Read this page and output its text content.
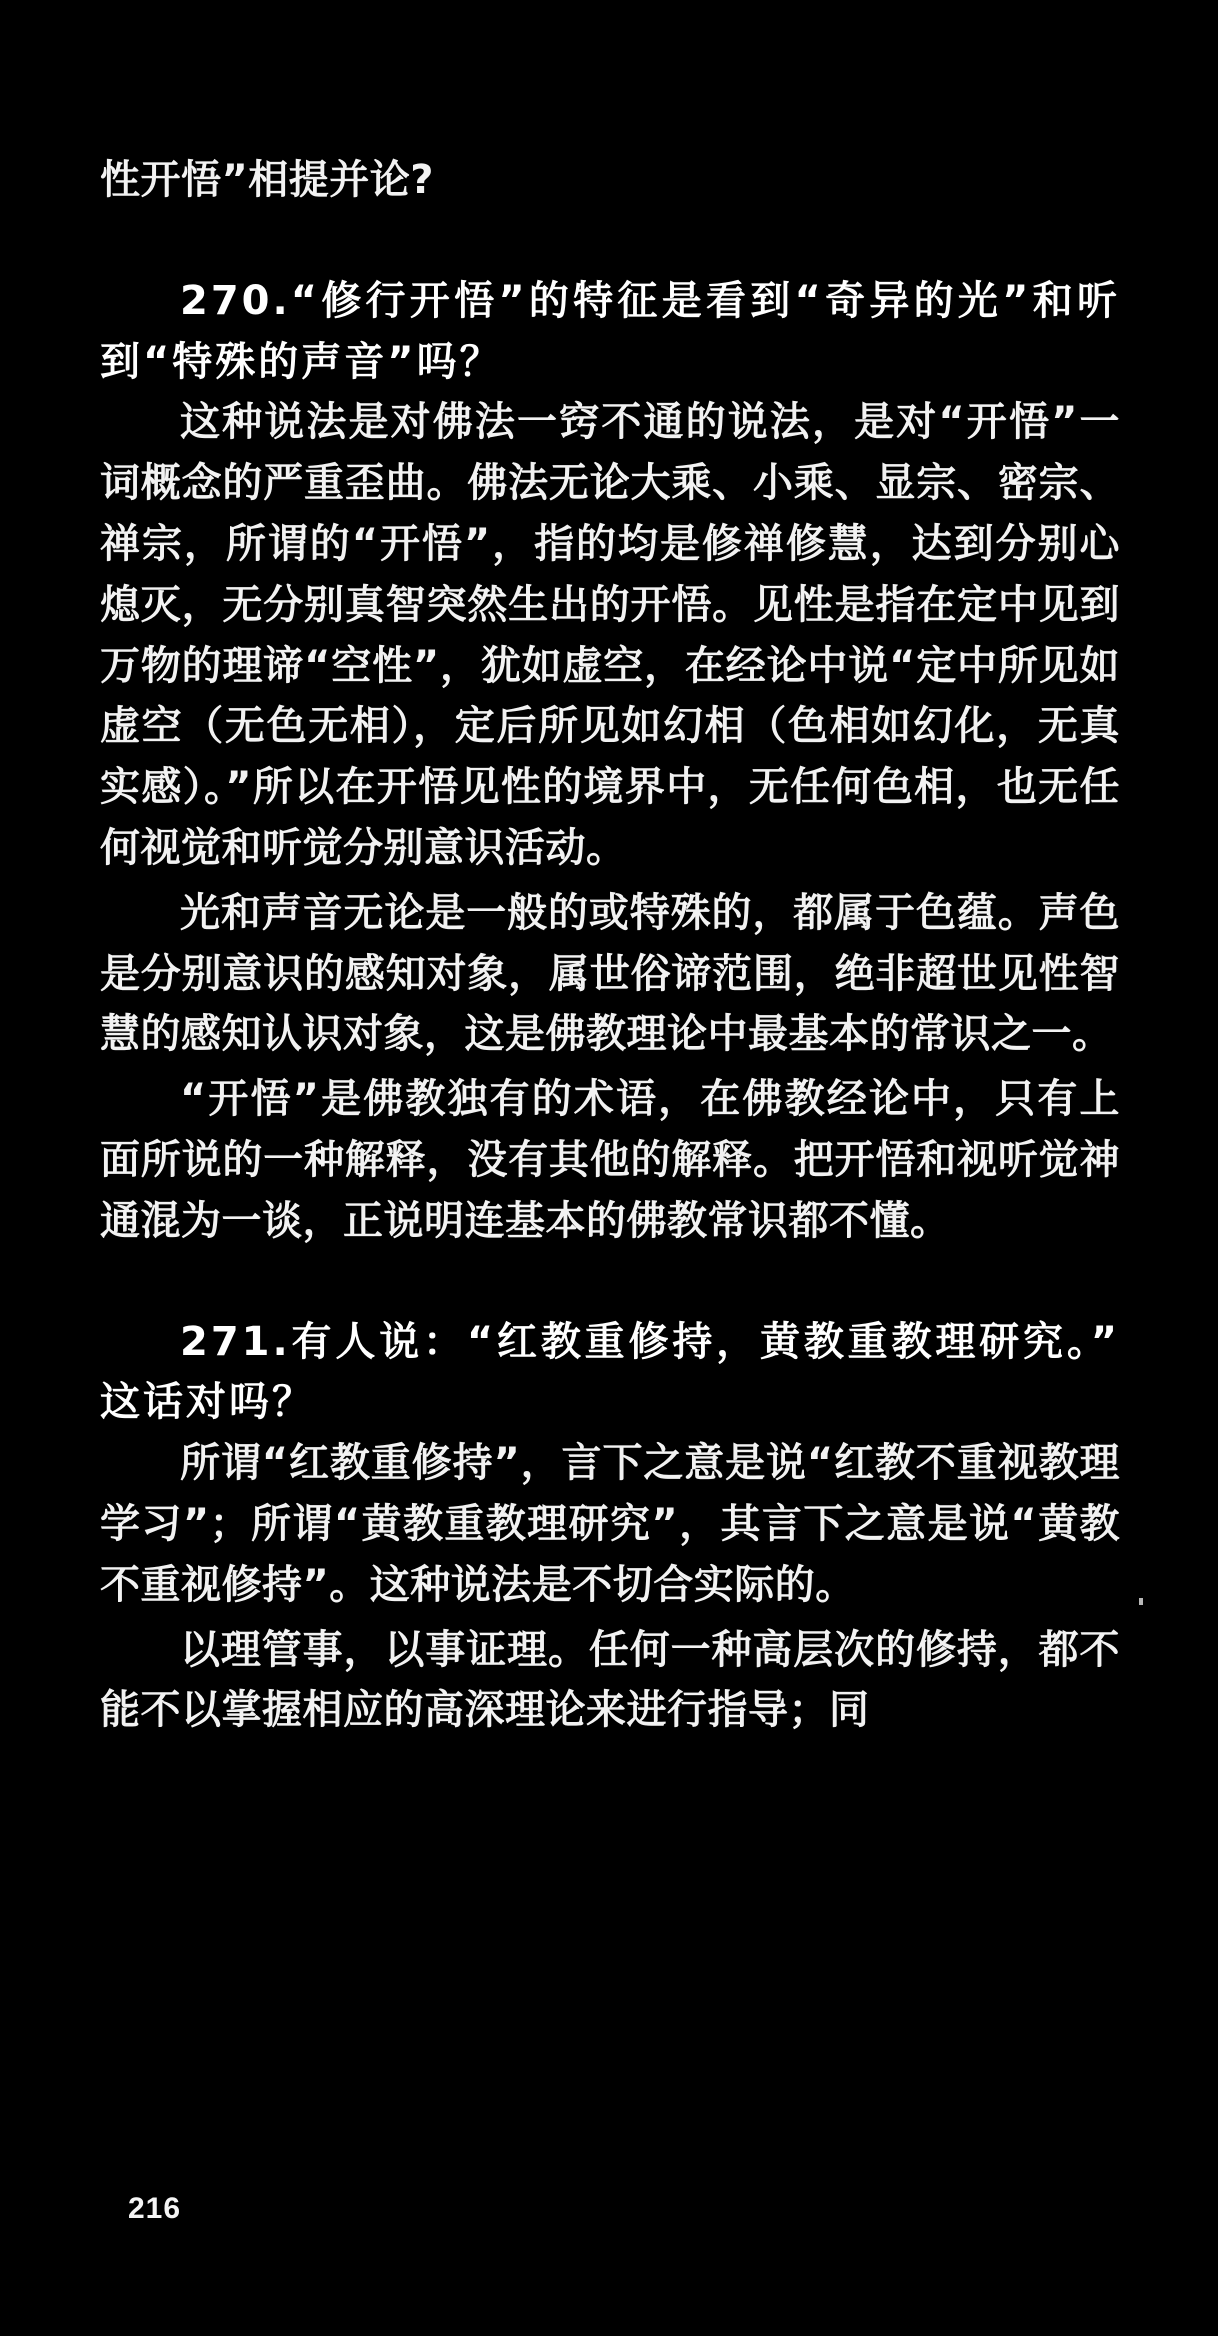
性开悟”相提并论?
270.“修行开悟”的特征是看到“奇异的光”和听到“特殊的声音”吗？
这种说法是对佛法一窍不通的说法，是对“开悟”一词概念的严重歪曲。佛法无论大乘、小乘、显宗、密宗、禅宗，所谓的“开悟”，指的均是修禅修慧，达到分别心熄灭，无分别真智突然生出的开悟。见性是指在定中见到万物的理谛“空性”，犹如虚空，在经论中说“定中所见如虚空（无色无相），定后所见如幻相（色相如幻化，无真实感）。”所以在开悟见性的境界中，无任何色相，也无任何视觉和听觉分别意识活动。
光和声音无论是一般的或特殊的，都属于色蕴。声色是分别意识的感知对象，属世俗谛范围，绝非超世见性智慧的感知认识对象，这是佛教理论中最基本的常识之一。
“开悟”是佛教独有的术语，在佛教经论中，只有上面所说的一种解释，没有其他的解释。把开悟和视听觉神通混为一谈，正说明连基本的佛教常识都不懂。
271.有人说：“红教重修持，黄教重教理研究。” 这话对吗？
所谓“红教重修持”，言下之意是说“红教不重视教理学习”；所谓“黄教重教理研究”，其言下之意是说“黄教不重视修持”。这种说法是不切合实际的。
以理管事，以事证理。任何一种高层次的修持，都不能不以掌握相应的高深理论来进行指导；同
216
